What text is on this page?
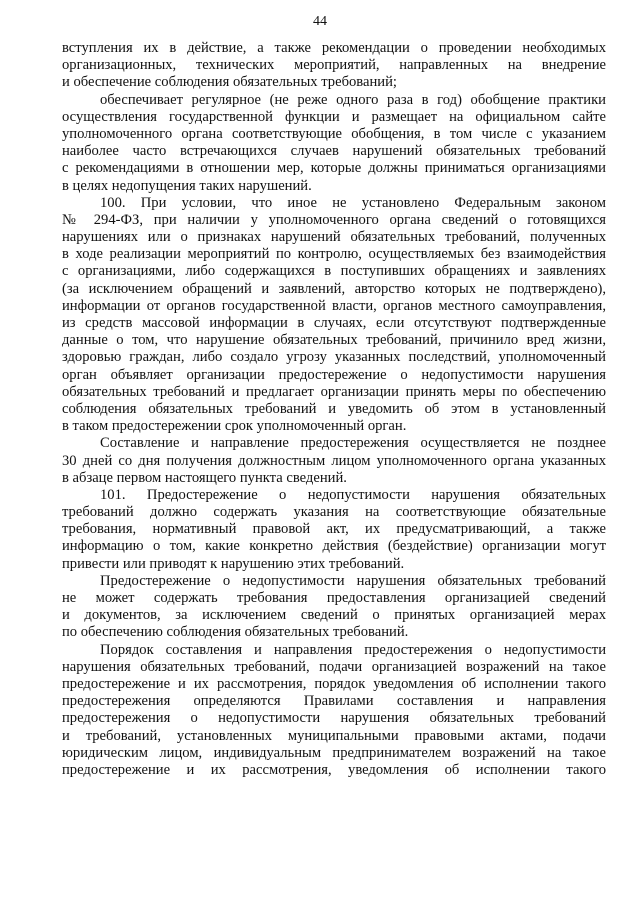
44
вступления их в действие, а также рекомендации о проведении необходимых
организационных, технических мероприятий, направленных на внедрение
и обеспечение соблюдения обязательных требований;
обеспечивает регулярное (не реже одного раза в год) обобщение практики
осуществления государственной функции и размещает на официальном сайте
уполномоченного органа соответствующие обобщения, в том числе с указанием
наиболее часто встречающихся случаев нарушений обязательных требований
с рекомендациями в отношении мер, которые должны приниматься организациями
в целях недопущения таких нарушений.
100. При условии, что иное не установлено Федеральным законом
№ 294-ФЗ, при наличии у уполномоченного органа сведений о готовящихся
нарушениях или о признаках нарушений обязательных требований, полученных
в ходе реализации мероприятий по контролю, осуществляемых без взаимодействия
с организациями, либо содержащихся в поступивших обращениях и заявлениях
(за исключением обращений и заявлений, авторство которых не подтверждено),
информации от органов государственной власти, органов местного самоуправления,
из средств массовой информации в случаях, если отсутствуют подтвержденные
данные о том, что нарушение обязательных требований, причинило вред жизни,
здоровью граждан, либо создало угрозу указанных последствий, уполномоченный
орган объявляет организации предостережение о недопустимости нарушения
обязательных требований и предлагает организации принять меры по обеспечению
соблюдения обязательных требований и уведомить об этом в установленный
в таком предостережении срок уполномоченный орган.
Составление и направление предостережения осуществляется не позднее
30 дней со дня получения должностным лицом уполномоченного органа указанных
в абзаце первом настоящего пункта сведений.
101. Предостережение о недопустимости нарушения обязательных
требований должно содержать указания на соответствующие обязательные
требования, нормативный правовой акт, их предусматривающий, а также
информацию о том, какие конкретно действия (бездействие) организации могут
привести или приводят к нарушению этих требований.
Предостережение о недопустимости нарушения обязательных требований
не может содержать требования предоставления организацией сведений
и документов, за исключением сведений о принятых организацией мерах
по обеспечению соблюдения обязательных требований.
Порядок составления и направления предостережения о недопустимости
нарушения обязательных требований, подачи организацией возражений на такое
предостережение и их рассмотрения, порядок уведомления об исполнении такого
предостережения определяются Правилами составления и направления
предостережения о недопустимости нарушения обязательных требований
и требований, установленных муниципальными правовыми актами, подачи
юридическим лицом, индивидуальным предпринимателем возражений на такое
предостережение и их рассмотрения, уведомления об исполнении такого
